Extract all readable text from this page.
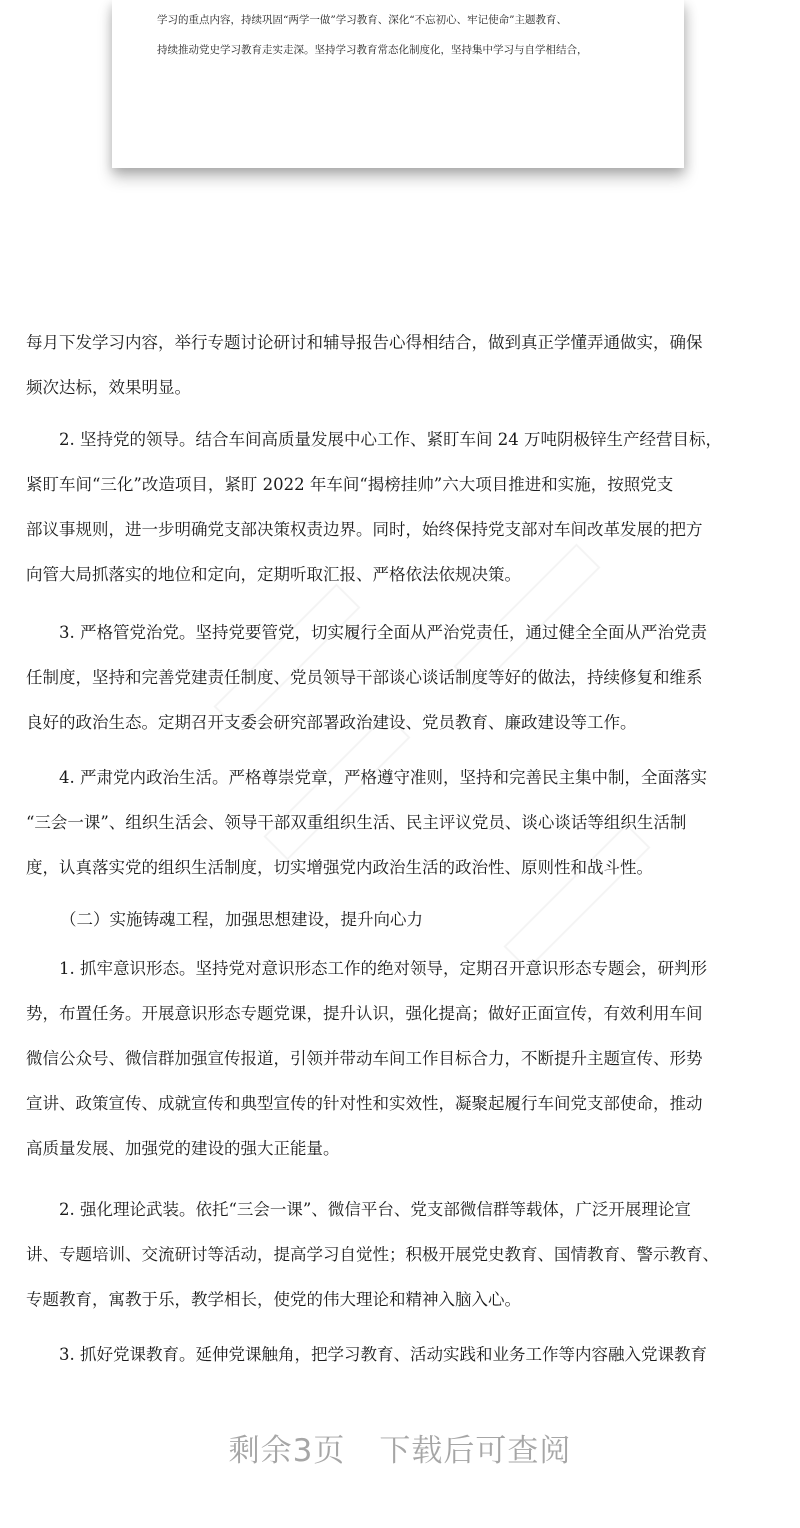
学习的重点内容，持续巩固“两学一做”学习教育、深化“不忘初心、牢记使命”主题教育、
持续推动党史学习教育走实走深。坚持学习教育常态化制度化，坚持集中学习与自学相结合，
每月下发学习内容，举行专题讨论研讨和辅导报告心得相结合，做到真正学懂弄通做实，确保
频次达标，效果明显。
2. 坚持党的领导。结合车间高质量发展中心工作、紧盯车间 24 万吨阴极锌生产经营目标，
紧盯车间“三化”改造项目，紧盯 2022 年车间“揭榜挂帅”六大项目推进和实施，按照党支
部议事规则，进一步明确党支部决策权责边界。同时，始终保持党支部对车间改革发展的把方
向管大局抓落实的地位和定向，定期听取汇报、严格依法依规决策。
3. 严格管党治党。坚持党要管党，切实履行全面从严治党责任，通过健全全面从严治党责
任制度，坚持和完善党建责任制度、党员领导干部谈心谈话制度等好的做法，持续修复和维系
良好的政治生态。定期召开支委会研究部署政治建设、党员教育、廉政建设等工作。
4. 严肃党内政治生活。严格尊崇党章，严格遵守准则，坚持和完善民主集中制，全面落实
“三会一课”、组织生活会、领导干部双重组织生活、民主评议党员、谈心谈话等组织生活制
度，认真落实党的组织生活制度，切实增强党内政治生活的政治性、原则性和战斗性。
（二）实施铸魂工程，加强思想建设，提升向心力
1. 抓牢意识形态。坚持党对意识形态工作的绝对领导，定期召开意识形态专题会，研判形
势，布置任务。开展意识形态专题党课，提升认识，强化提高；做好正面宣传，有效利用车间
微信公众号、微信群加强宣传报道，引领并带动车间工作目标合力，不断提升主题宣传、形势
宣讲、政策宣传、成就宣传和典型宣传的针对性和实效性，凝聚起履行车间党支部使命，推动
高质量发展、加强党的建设的强大正能量。
2. 强化理论武装。依托“三会一课”、微信平台、党支部微信群等载体，广泛开展理论宣
讲、专题培训、交流研讨等活动，提高学习自觉性；积极开展党史教育、国情教育、警示教育、
专题教育，寓教于乐，教学相长，使党的伟大理论和精神入脑入心。
3. 抓好党课教育。延伸党课触角，把学习教育、活动实践和业务工作等内容融入党课教育
剩余3页 下载后可查阅
